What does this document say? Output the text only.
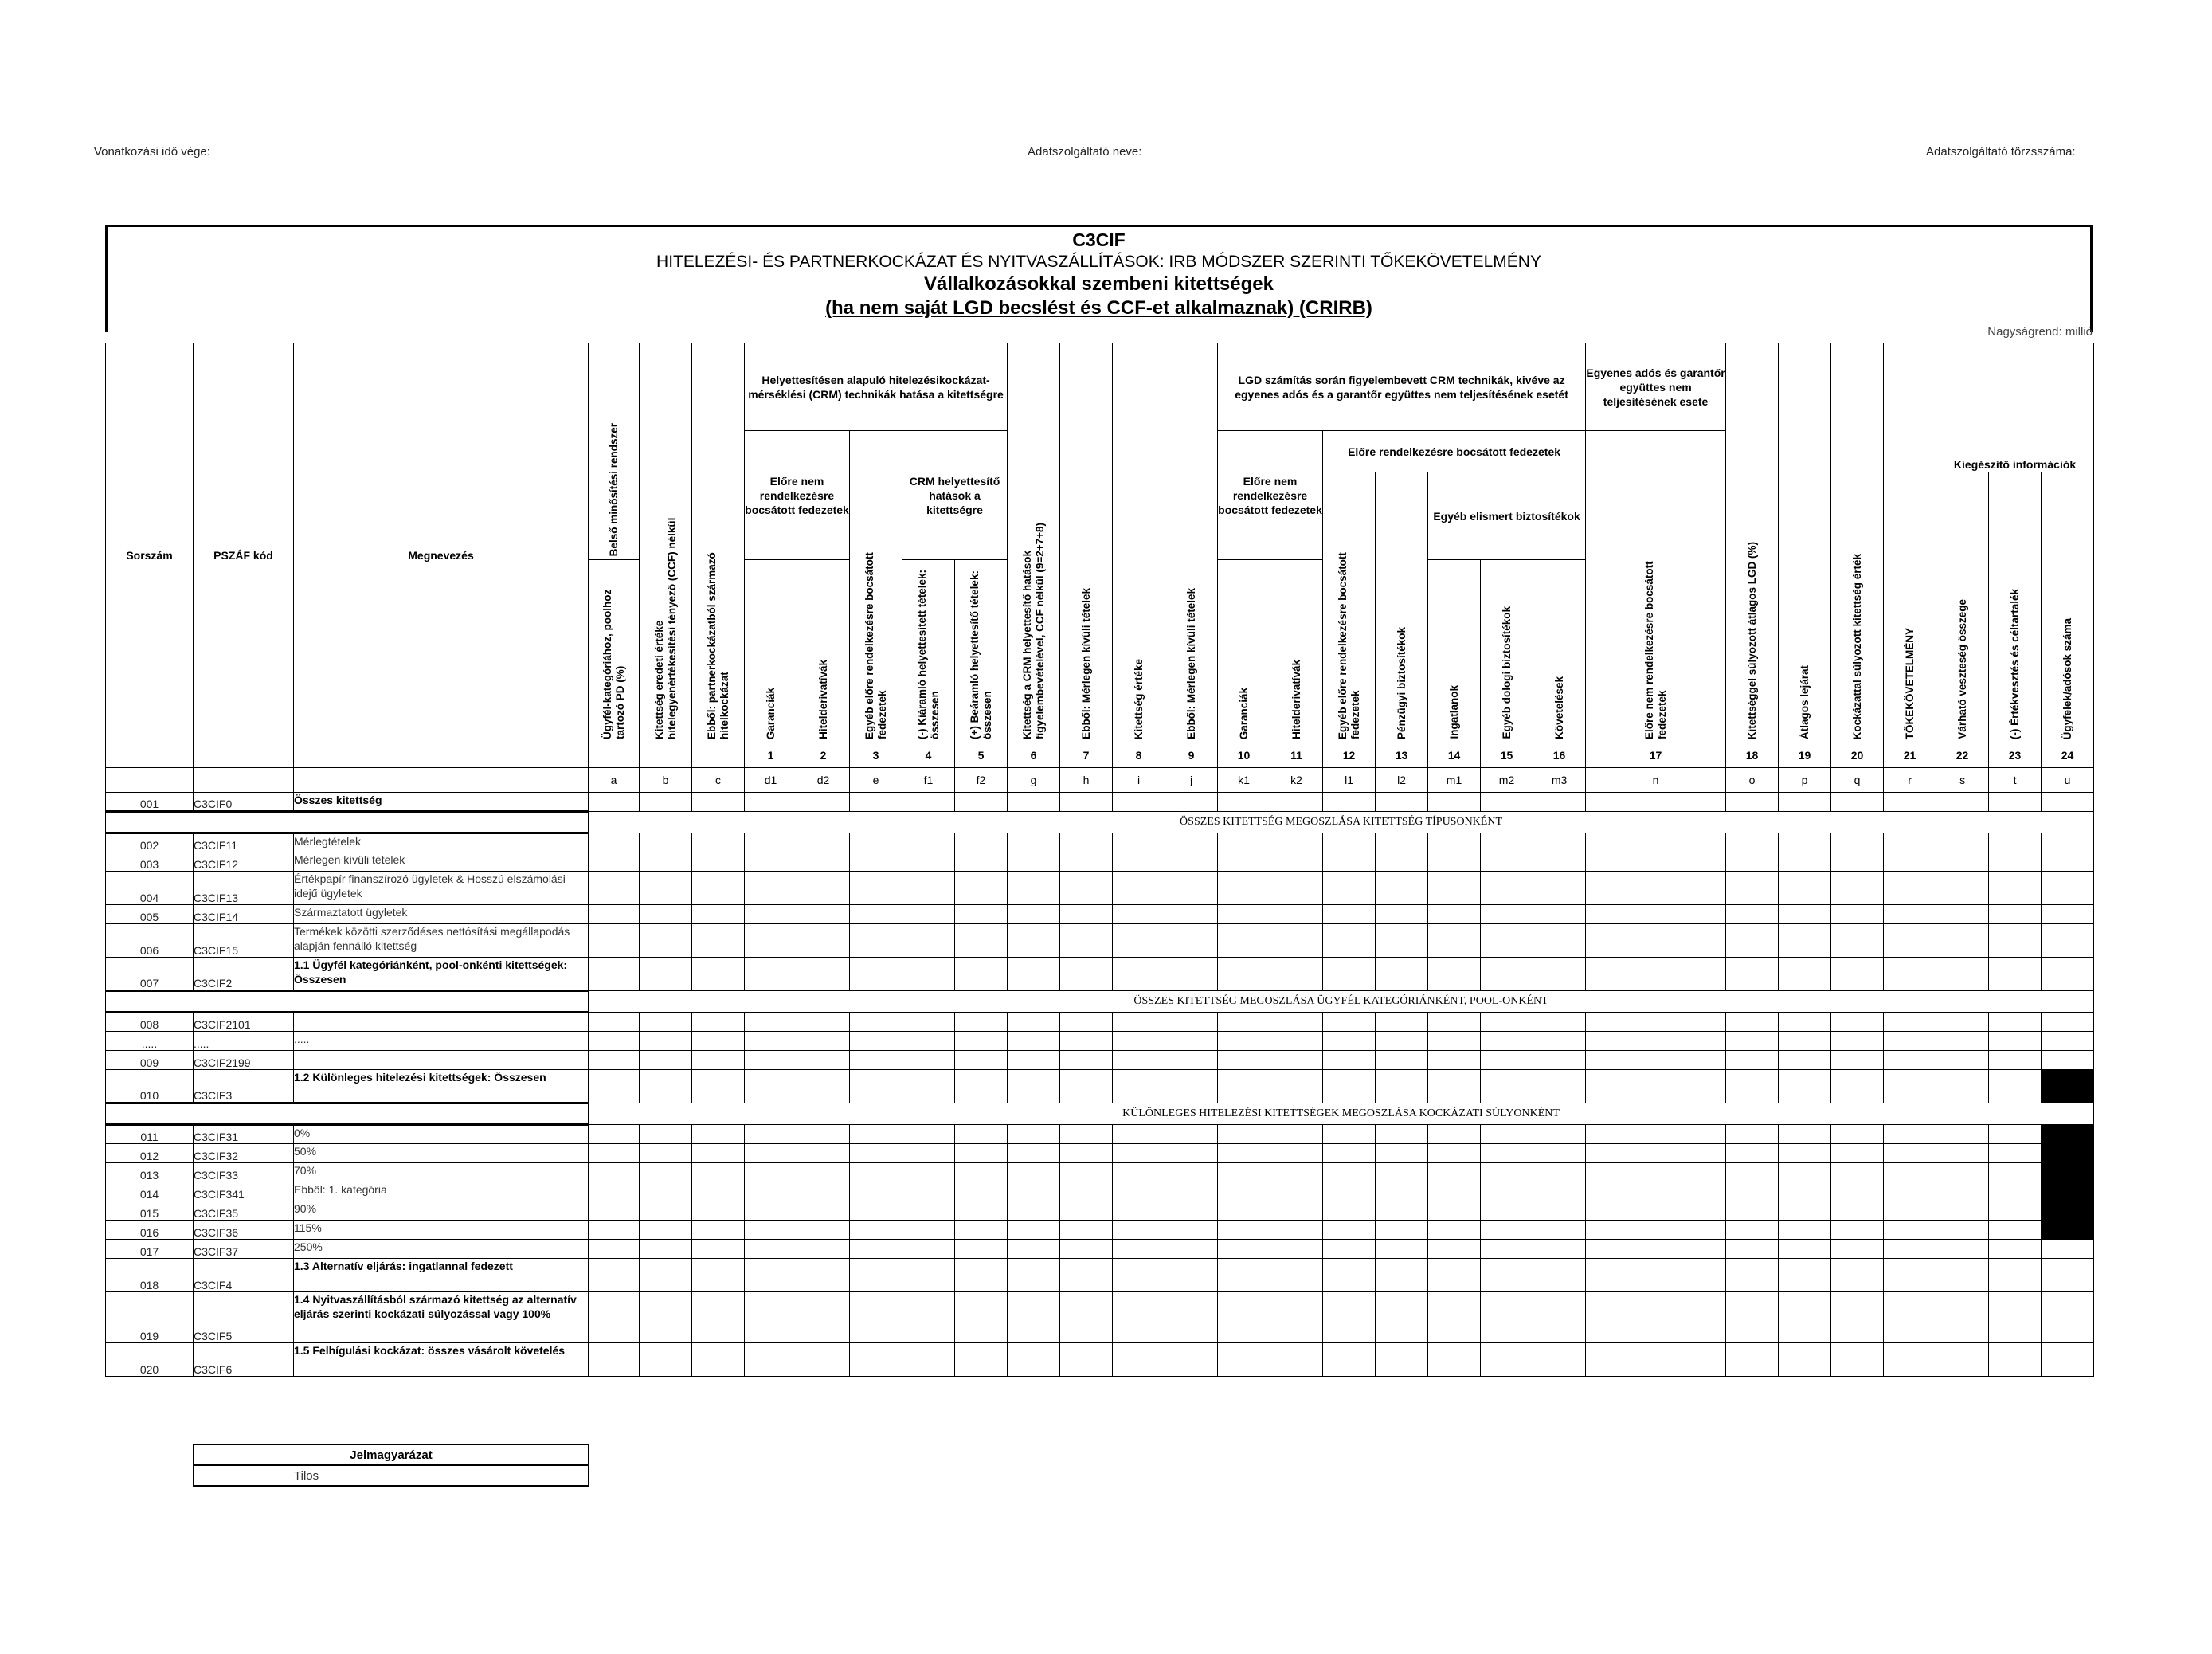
Vonatkozási idő vége:	Adatszolgáltató neve:	Adatszolgáltató törzsszáma:
C3CIF
HITELEZÉSI- ÉS PARTNERKOCKÁZAT ÉS NYITVASZÁLLÍTÁSOK: IRB MÓDSZER SZERINTI TŐKEKÖVETELMÉNY
Vállalkozásokkal szembeni kitettségek
(ha nem saját LGD becslést és CCF-et alkalmaznak) (CRIRB)
Nagyságrend: millió
Sorszám	PSZÁF kód	Megnevezés	Belső minősítési rendszer	Kitettség eredeti értéke hitelegyenértékesítési tényező (CCF) nélkül	Ebből: partnerkockázatból származó hitelkockázat	Helyettesítésen alapuló hitelezésikockázat-mérséklési (CRM) technikák hatása a kitettségre					Kitettség a CRM helyettesítő hatások figyelembevételével, CCF nélkül (9=2+7+8)	Ebből: Mérlegen kívüli tételek	Kitettség értéke	Ebből: Mérlegen kívüli tételek	LGD számítás során figyelembevett CRM technikák, kivéve az egyenes adós és a garantőr együttes nem teljesítésének esetét							Egyenes adós és garantőr együttes nem teljesítésének esete	Kitettséggel súlyozott átlagos LGD (%)	Átlagos lejárat	Kockázattal súlyozott kitettség érték	TŐKEKÖVETELMÉNY	Kiegészítő információk			
						Előre nem rendelkezésre bocsátott fedezetek		Egyéb előre rendelkezésre bocsátott fedezetek	CRM helyettesítő hatások a kitettségre						Előre nem rendelkezésre bocsátott fedezetek		Előre rendelkezésre bocsátott fedezetek					Előre nem rendelkezésre bocsátott fedezetek								

																	Egyéb előre rendelkezésre bocsátott fedezetek	Pénzügyi biztosítékok	Egyéb elismert biztosítékok								Várható veszteség összege	(-) Értékvesztés és céltartalék	Ügyfelek/adósok száma	

			Ügyfél-kategóriához, poolhoz tartozó PD (%)			Garanciák	Hitelderivatívák		(-) Kiáramló helyettesített tételek: összesen	(+) Beáramló helyettesítő tételek: összesen					Garanciák	Hitelderivatívák			Ingatlanok	Egyéb dologi biztosítékok	Követelések									

						1	2	3	4	5	6	7	8	9	10	11	12	13	14	15	16	17	18	19	20	21	22	23	24			
			a	b	c	d1	d2	e	f1	f2	g	h	i	j	k1	k2	l1	l2	m1	m2	m3	n	o	p	q	r	s	t	u	
001	C3CIF0	Összes kitettség																												
			ÖSSZES KITETTSÉG MEGOSZLÁSA KITETTSÉG TÍPUSONKÉNT																											
002	C3CIF11	Mérlegtételek																												
003	C3CIF12	Mérlegen kívüli tételek																												
004	C3CIF13	Értékpapír finanszírozó ügyletek & Hosszú elszámolási idejű ügyletek																												
005	C3CIF14	Származtatott ügyletek																												
006	C3CIF15	Termékek közötti szerződéses nettósítási megállapodás alapján fennálló kitettség																												
007	C3CIF2	1.1 Ügyfél kategóriánként, pool-onkénti kitettségek: Összesen																												
			ÖSSZES KITETTSÉG MEGOSZLÁSA ÜGYFÉL KATEGÓRIÁNKÉNT, POOL-ONKÉNT																											
008	C3CIF2101																													
.....	.....	.....																												
009	C3CIF2199																													
010	C3CIF3	1.2 Különleges hitelezési kitettségek: Összesen																												
			KÜLÖNLEGES HITELEZÉSI KITETTSÉGEK MEGOSZLÁSA KOCKÁZATI SÚLYONKÉNT																											
011	C3CIF31	0%																												
012	C3CIF32	50%																												
013	C3CIF33	70%																												
014	C3CIF341	Ebből: 1. kategória																												
015	C3CIF35	90%																												
016	C3CIF36	115%																												
017	C3CIF37	250%																												
018	C3CIF4	1.3 Alternatív eljárás: ingatlannal fedezett																												
019	C3CIF5	1.4 Nyitvaszállításból származó kitettség az alternatív eljárás szerinti kockázati súlyozással vagy 100%																												
020	C3CIF6	1.5 Felhígulási kockázat: összes vásárolt követelés																												
Jelmagyarázat
Tilos
